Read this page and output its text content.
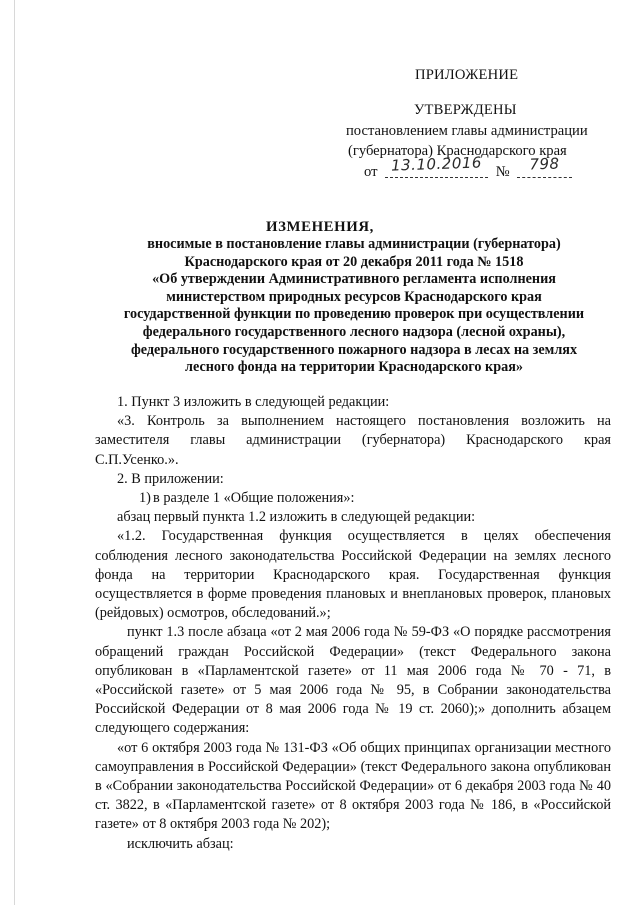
ПРИЛОЖЕНИЕ
УТВЕРЖДЕНЫ
постановлением главы администрации
(губернатора) Краснодарского края
от 13.10.2016 №	798
ИЗМЕНЕНИЯ,
вносимые в постановление главы администрации (губернатора)
Краснодарского края от 20 декабря 2011 года № 1518
«Об утверждении Административного регламента исполнения
министерством природных ресурсов Краснодарского края
государственной функции по проведению проверок при осуществлении
федерального государственного лесного надзора (лесной охраны),
федерального государственного пожарного надзора в лесах на землях
лесного фонда на территории Краснодарского края»

1. Пункт 3 изложить в следующей редакции:

«3. Контроль за выполнением настоящего постановления возложить на заместителя главы администрации (губернатора) Краснодарского края С.П.Усенко.».

2. В приложении:

1) в разделе 1 «Общие положения»:

абзац первый пункта 1.2 изложить в следующей редакции:

«1.2. Государственная функция осуществляется в целях обеспечения соблюдения лесного законодательства Российской Федерации на землях лесного фонда на территории Краснодарского края. Государственная функция осуществляется в форме проведения плановых и внеплановых проверок, плановых (рейдовых) осмотров, обследований.»;

пункт 1.3 после абзаца «от 2 мая 2006 года № 59-ФЗ «О порядке рассмотрения обращений граждан Российской Федерации» (текст Федерального закона опубликован в «Парламентской газете» от 11 мая 2006 года № 70 - 71, в «Российской газете» от 5 мая 2006 года № 95, в Собрании законодательства Российской Федерации от 8 мая 2006 года № 19 ст. 2060);» дополнить абзацем следующего содержания:

«от 6 октября 2003 года № 131-ФЗ «Об общих принципах организации местного самоуправления в Российской Федерации» (текст Федерального закона опубликован в «Собрании законодательства Российской Федерации» от 6 декабря 2003 года № 40 ст. 3822, в «Парламентской газете» от 8 октября 2003 года № 186, в «Российской газете» от 8 октября 2003 года № 202);

исключить абзац:
